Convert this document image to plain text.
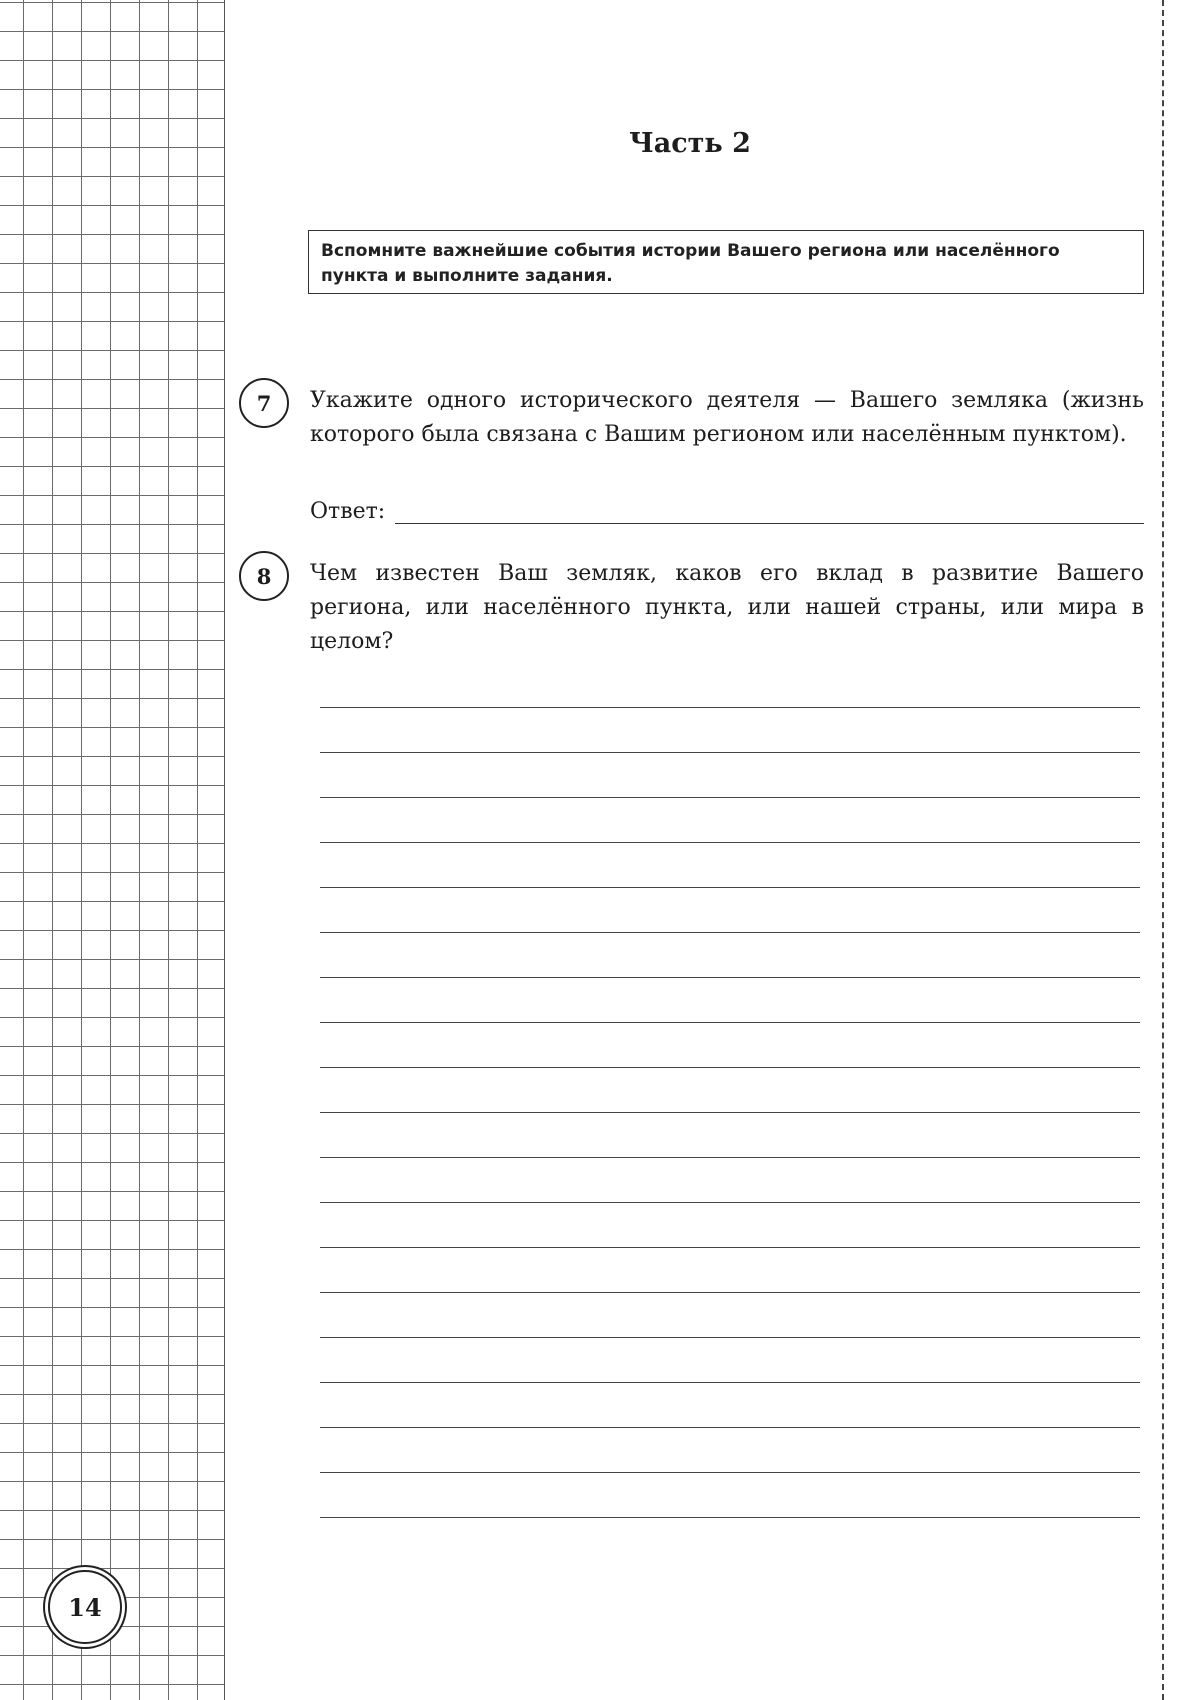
Часть 2
Вспомните важнейшие события истории Вашего региона или населённого пункта и выполните задания.
7	Укажите одного исторического деятеля — Вашего земляка (жизнь которого была связана с Вашим регионом или населённым пунктом).
Ответ:
8	Чем известен Ваш земляк, каков его вклад в развитие Вашего региона, или населённого пункта, или нашей страны, или мира в целом?
14
